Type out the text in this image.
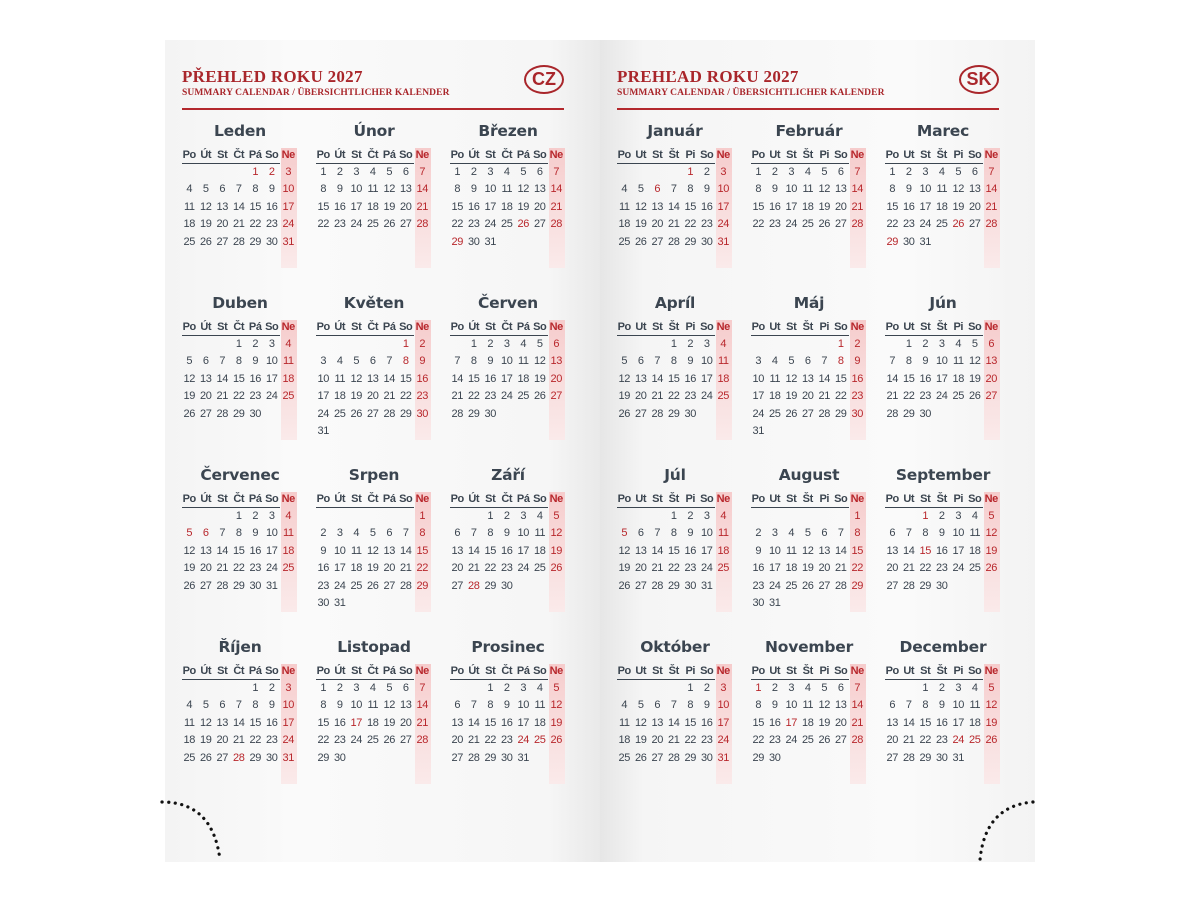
PŘEHLED ROKU 2027
SUMMARY CALENDAR / ÜBERSICHTLICHER KALENDER
CZ
Leden
Po Út St Čt Pá So Ne
1 2 3
4 5 6 7 8 9 10
11 12 13 14 15 16 17
18 19 20 21 22 23 24
25 26 27 28 29 30 31
Únor
Po Út St Čt Pá So Ne
1 2 3 4 5 6 7
8 9 10 11 12 13 14
15 16 17 18 19 20 21
22 23 24 25 26 27 28
Březen
Po Út St Čt Pá So Ne
1 2 3 4 5 6 7
8 9 10 11 12 13 14
15 16 17 18 19 20 21
22 23 24 25 26 27 28
29 30 31
Duben
Po Út St Čt Pá So Ne
1 2 3 4
5 6 7 8 9 10 11
12 13 14 15 16 17 18
19 20 21 22 23 24 25
26 27 28 29 30
Květen
Po Út St Čt Pá So Ne
1 2
3 4 5 6 7 8 9
10 11 12 13 14 15 16
17 18 19 20 21 22 23
24 25 26 27 28 29 30
31
Červen
Po Út St Čt Pá So Ne
1 2 3 4 5 6
7 8 9 10 11 12 13
14 15 16 17 18 19 20
21 22 23 24 25 26 27
28 29 30
Červenec
Po Út St Čt Pá So Ne
1 2 3 4
5 6 7 8 9 10 11
12 13 14 15 16 17 18
19 20 21 22 23 24 25
26 27 28 29 30 31
Srpen
Po Út St Čt Pá So Ne
1
2 3 4 5 6 7 8
9 10 11 12 13 14 15
16 17 18 19 20 21 22
23 24 25 26 27 28 29
30 31
Září
Po Út St Čt Pá So Ne
1 2 3 4 5
6 7 8 9 10 11 12
13 14 15 16 17 18 19
20 21 22 23 24 25 26
27 28 29 30
Říjen
Po Út St Čt Pá So Ne
1 2 3
4 5 6 7 8 9 10
11 12 13 14 15 16 17
18 19 20 21 22 23 24
25 26 27 28 29 30 31
Listopad
Po Út St Čt Pá So Ne
1 2 3 4 5 6 7
8 9 10 11 12 13 14
15 16 17 18 19 20 21
22 23 24 25 26 27 28
29 30
Prosinec
Po Út St Čt Pá So Ne
1 2 3 4 5
6 7 8 9 10 11 12
13 14 15 16 17 18 19
20 21 22 23 24 25 26
27 28 29 30 31
PREHĽAD ROKU 2027
SUMMARY CALENDAR / ÜBERSICHTLICHER KALENDER
SK
Január
Po Ut St Št Pi So Ne
1 2 3
4 5 6 7 8 9 10
11 12 13 14 15 16 17
18 19 20 21 22 23 24
25 26 27 28 29 30 31
Február
Po Ut St Št Pi So Ne
1 2 3 4 5 6 7
8 9 10 11 12 13 14
15 16 17 18 19 20 21
22 23 24 25 26 27 28
Marec
Po Ut St Št Pi So Ne
1 2 3 4 5 6 7
8 9 10 11 12 13 14
15 16 17 18 19 20 21
22 23 24 25 26 27 28
29 30 31
Apríl
Po Ut St Št Pi So Ne
1 2 3 4
5 6 7 8 9 10 11
12 13 14 15 16 17 18
19 20 21 22 23 24 25
26 27 28 29 30
Máj
Po Ut St Št Pi So Ne
1 2
3 4 5 6 7 8 9
10 11 12 13 14 15 16
17 18 19 20 21 22 23
24 25 26 27 28 29 30
31
Jún
Po Ut St Št Pi So Ne
1 2 3 4 5 6
7 8 9 10 11 12 13
14 15 16 17 18 19 20
21 22 23 24 25 26 27
28 29 30
Júl
Po Ut St Št Pi So Ne
1 2 3 4
5 6 7 8 9 10 11
12 13 14 15 16 17 18
19 20 21 22 23 24 25
26 27 28 29 30 31
August
Po Ut St Št Pi So Ne
1
2 3 4 5 6 7 8
9 10 11 12 13 14 15
16 17 18 19 20 21 22
23 24 25 26 27 28 29
30 31
September
Po Ut St Št Pi So Ne
1 2 3 4 5
6 7 8 9 10 11 12
13 14 15 16 17 18 19
20 21 22 23 24 25 26
27 28 29 30
Október
Po Ut St Št Pi So Ne
1 2 3
4 5 6 7 8 9 10
11 12 13 14 15 16 17
18 19 20 21 22 23 24
25 26 27 28 29 30 31
November
Po Ut St Št Pi So Ne
1 2 3 4 5 6 7
8 9 10 11 12 13 14
15 16 17 18 19 20 21
22 23 24 25 26 27 28
29 30
December
Po Ut St Št Pi So Ne
1 2 3 4 5
6 7 8 9 10 11 12
13 14 15 16 17 18 19
20 21 22 23 24 25 26
27 28 29 30 31
